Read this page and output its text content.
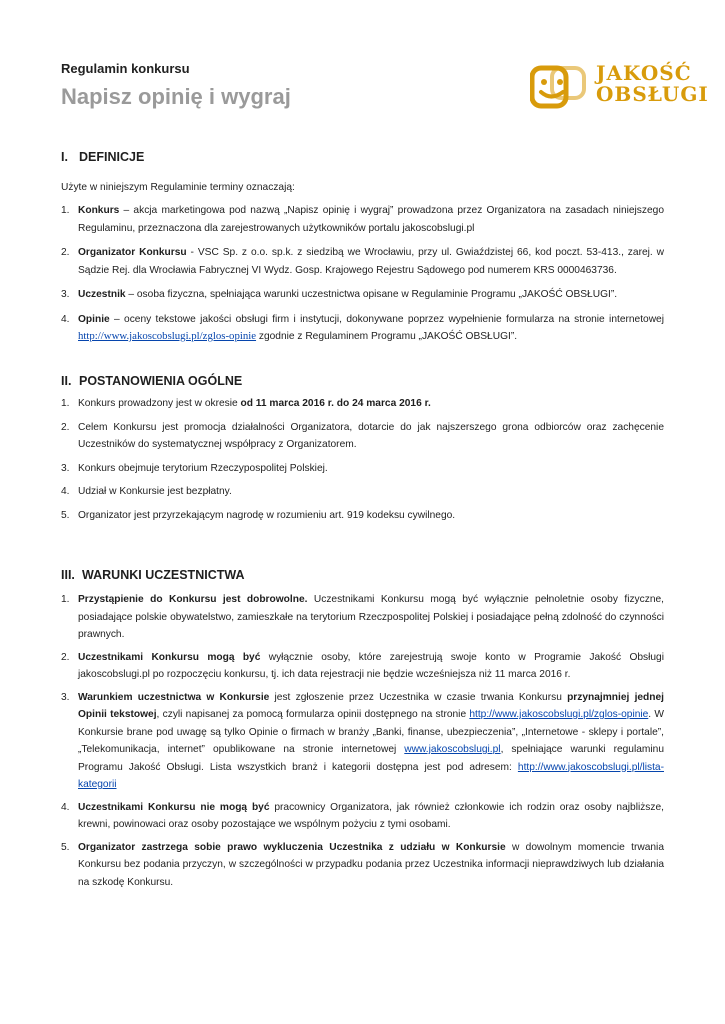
Regulamin konkursu
Napisz opinię i wygraj
JAKOŚĆ
OBSŁUGI

I. DEFINICJE

Użyte w niniejszym Regulaminie terminy oznaczają:
1. Konkurs – akcja marketingowa pod nazwą „Napisz opinię i wygraj” prowadzona przez Organizatora na zasadach niniejszego Regulaminu, przeznaczona dla zarejestrowanych użytkowników portalu jakoscobslugi.pl
2. Organizator Konkursu - VSC Sp. z o.o. sp.k. z siedzibą we Wrocławiu, przy ul. Gwiaździstej 66, kod poczt. 53-413., zarej. w Sądzie Rej. dla Wrocławia Fabrycznej VI Wydz. Gosp. Krajowego Rejestru Sądowego pod numerem KRS 0000463736.
3. Uczestnik – osoba fizyczna, spełniająca warunki uczestnictwa opisane w Regulaminie Programu „JAKOŚĆ OBSŁUGI”.
4. Opinie – oceny tekstowe jakości obsługi firm i instytucji, dokonywane poprzez wypełnienie formularza na stronie internetowej http://www.jakoscobslugi.pl/zglos-opinie zgodnie z Regulaminem Programu „JAKOŚĆ OBSŁUGI”.

II. POSTANOWIENIA OGÓLNE

1. Konkurs prowadzony jest w okresie od 11 marca 2016 r. do 24 marca 2016 r.
2. Celem Konkursu jest promocja działalności Organizatora, dotarcie do jak najszerszego grona odbiorców oraz zachęcenie Uczestników do systematycznej współpracy z Organizatorem.
3. Konkurs obejmuje terytorium Rzeczypospolitej Polskiej.
4. Udział w Konkursie jest bezpłatny.
5. Organizator jest przyrzekającym nagrodę w rozumieniu art. 919 kodeksu cywilnego.

III. WARUNKI UCZESTNICTWA

1. Przystąpienie do Konkursu jest dobrowolne. Uczestnikami Konkursu mogą być wyłącznie pełnoletnie osoby fizyczne, posiadające polskie obywatelstwo, zamieszkałe na terytorium Rzeczpospolitej Polskiej i posiadające pełną zdolność do czynności prawnych.
2. Uczestnikami Konkursu mogą być wyłącznie osoby, które zarejestrują swoje konto w Programie Jakość Obsługi jakoscobslugi.pl po rozpoczęciu konkursu, tj. ich data rejestracji nie będzie wcześniejsza niż 11 marca 2016 r.
3. Warunkiem uczestnictwa w Konkursie jest zgłoszenie przez Uczestnika w czasie trwania Konkursu przynajmniej jednej Opinii tekstowej, czyli napisanej za pomocą formularza opinii dostępnego na stronie http://www.jakoscobslugi.pl/zglos-opinie. W Konkursie brane pod uwagę są tylko Opinie o firmach w branży „Banki, finanse, ubezpieczenia”, „Internetowe - sklepy i portale”, „Telekomunikacja, internet” opublikowane na stronie internetowej www.jakoscobslugi.pl, spełniające warunki regulaminu Programu Jakość Obsługi. Lista wszystkich branż i kategorii dostępna jest pod adresem: http://www.jakoscobslugi.pl/lista-kategorii
4. Uczestnikami Konkursu nie mogą być pracownicy Organizatora, jak również członkowie ich rodzin oraz osoby najbliższe, krewni, powinowaci oraz osoby pozostające we wspólnym pożyciu z tymi osobami.
5. Organizator zastrzega sobie prawo wykluczenia Uczestnika z udziału w Konkursie w dowolnym momencie trwania Konkursu bez podania przyczyn, w szczególności w przypadku podania przez Uczestnika informacji nieprawdziwych lub działania na szkodę Konkursu.
